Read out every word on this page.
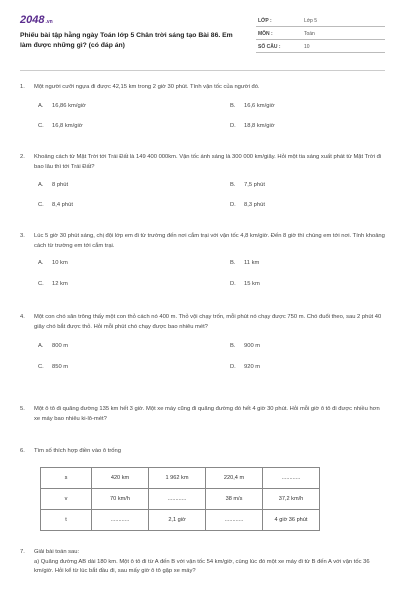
2048.vn
Phiếu bài tập hằng ngày Toán lớp 5 Chân trời sáng tạo Bài 86. Em làm được những gì? (có đáp án)
LỚP :	Lớp 5
MÔN :	Toán
SỐ CÂU :	10
1. Một người cưỡi ngựa đi được 42,15 km trong 2 giờ 30 phút. Tính vận tốc của người đó.
A. 16,86 km/giờ	B. 16,6 km/giờ
C. 16,8 km/giờ	D. 18,8 km/giờ
2. Khoảng cách từ Mặt Trời tới Trái Đất là 149 400 000km. Vận tốc ánh sáng là 300 000 km/giây. Hỏi một tia sáng xuất phát từ Mặt Trời đi bao lâu thì tới Trái Đất?
A. 8 phút	B. 7,5 phút
C. 8,4 phút	D. 8,3 phút
3. Lúc 5 giờ 30 phút sáng, chị đội lớp em đi từ trường đến nơi cắm trại với vận tốc 4,8 km/giờ. Đến 8 giờ thì chúng em tới nơi. Tính khoảng cách từ trường em tới cắm trại.
A. 10 km	B. 11 km
C. 12 km	D. 15 km
4. Một con chó săn trông thấy một con thỏ cách nó 400 m. Thỏ vội chạy trốn, mỗi phút nó chạy được 750 m. Chó đuổi theo, sau 2 phút 40 giây chó bắt được thỏ. Hỏi mỗi phút chó chạy được bao nhiêu mét?
A. 800 m	B. 900 m
C. 850 m	D. 920 m
5. Một ô tô đi quãng đường 135 km hết 3 giờ. Một xe máy cũng đi quãng đường đó hết 4 giờ 30 phút. Hỏi mỗi giờ ô tô đi được nhiều hơn xe máy bao nhiêu ki-lô-mét?
6. Tìm số thích hợp điền vào ô trống
s	420 km	1 962 km	220,4 m	............
v	70 km/h	............	38 m/s	37,2 km/h
t	............	2,1 giờ	............	4 giờ 36 phút
7. Giải bài toán sau:
a) Quãng đường AB dài 180 km. Một ô tô đi từ A đến B với vận tốc 54 km/giờ, cùng lúc đó một xe máy đi từ B đến A với vận tốc 36 km/giờ. Hỏi kể từ lúc bắt đầu đi, sau mấy giờ ô tô gặp xe máy?
